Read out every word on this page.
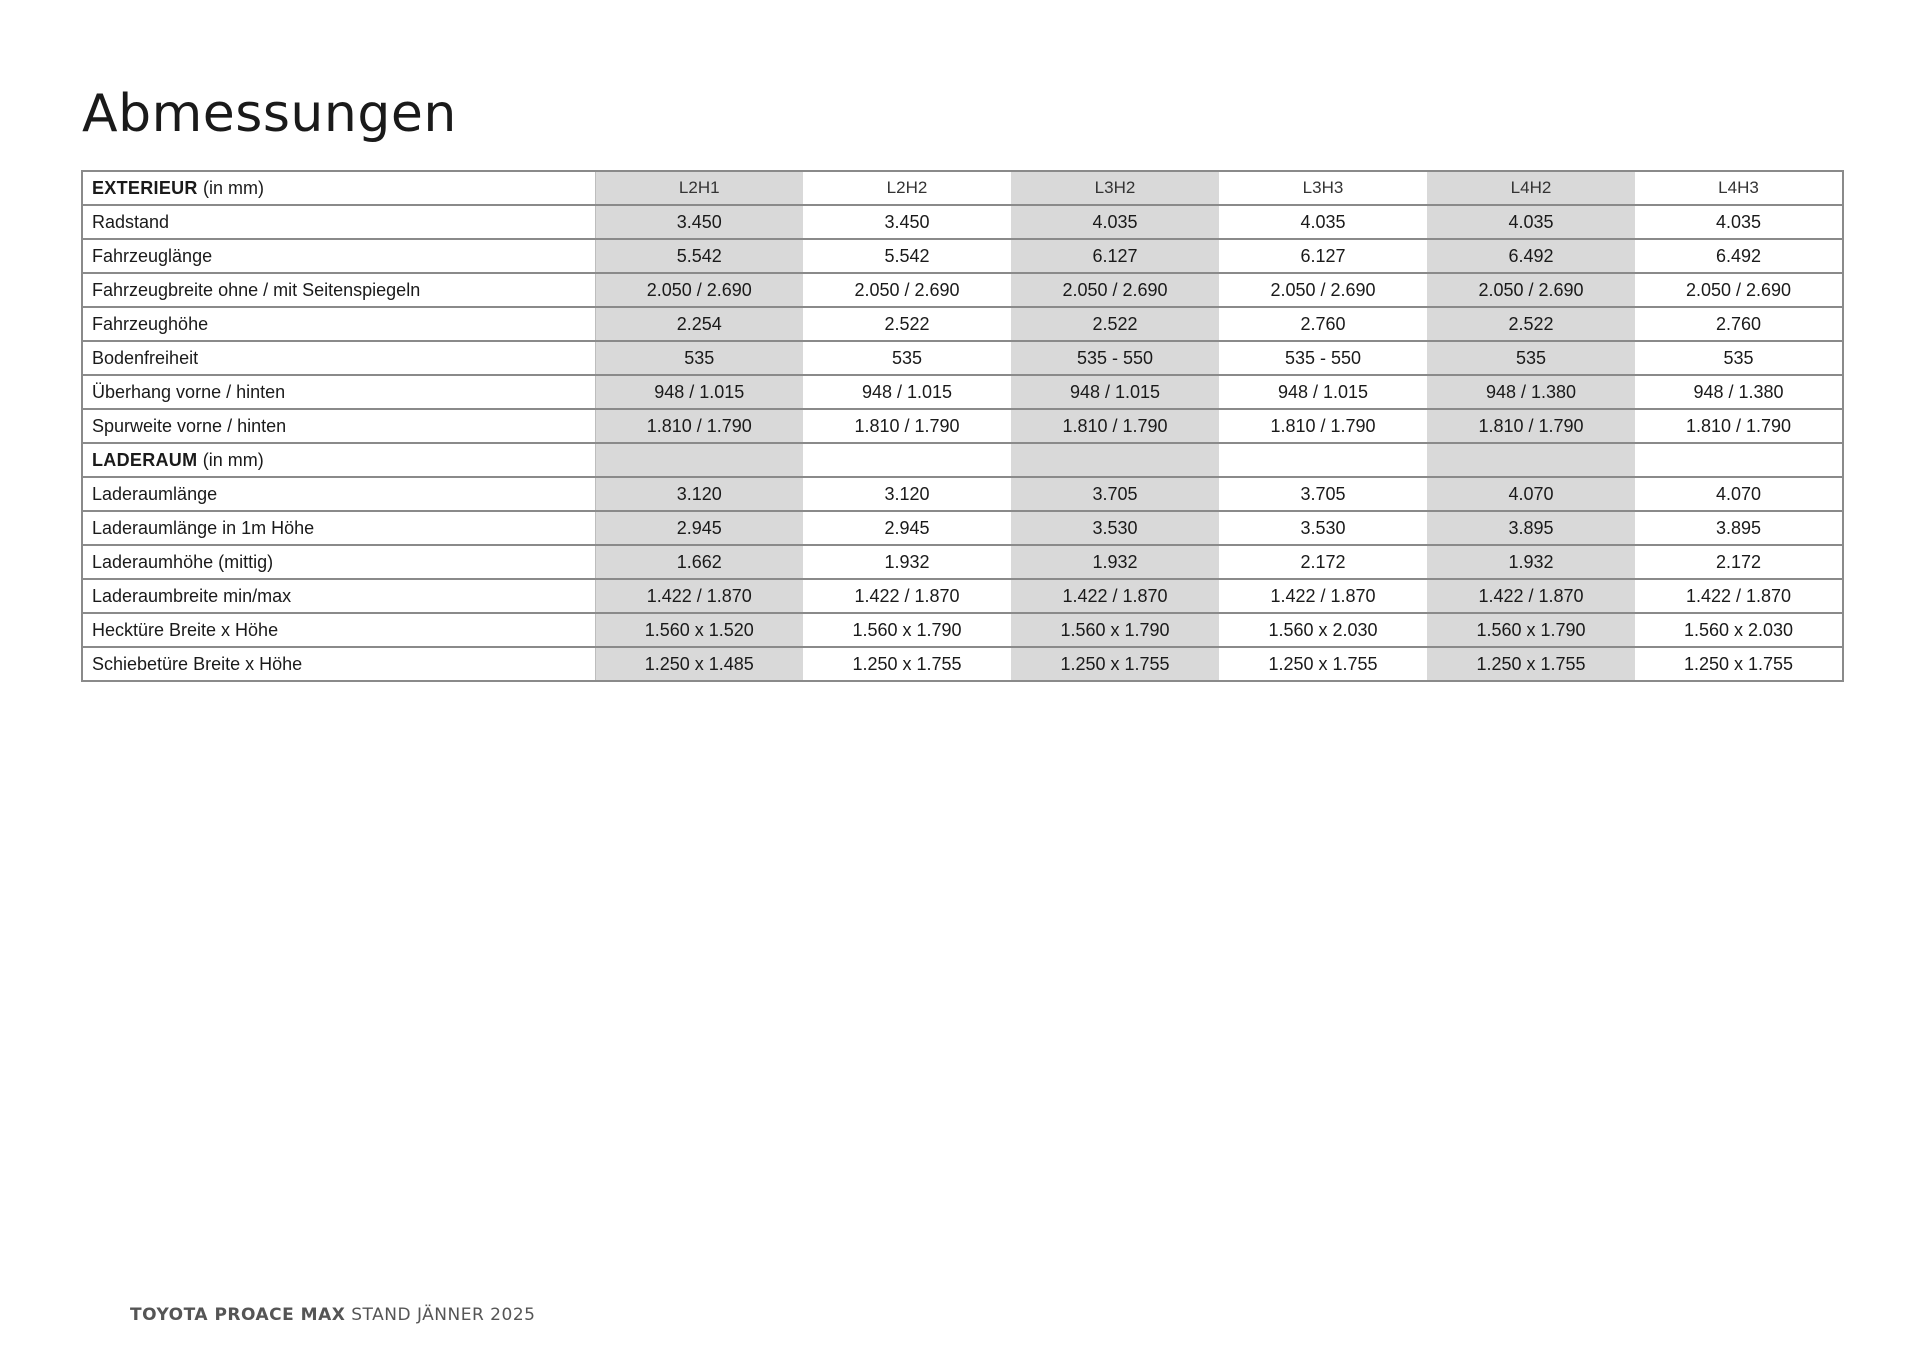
Abmessungen
EXTERIEUR (in mm)	L2H1	L2H2	L3H2	L3H3	L4H2	L4H3
Radstand	3.450	3.450	4.035	4.035	4.035	4.035
Fahrzeuglänge	5.542	5.542	6.127	6.127	6.492	6.492
Fahrzeugbreite ohne / mit Seitenspiegeln	2.050 / 2.690	2.050 / 2.690	2.050 / 2.690	2.050 / 2.690	2.050 / 2.690	2.050 / 2.690
Fahrzeughöhe	2.254	2.522	2.522	2.760	2.522	2.760
Bodenfreiheit	535	535	535 - 550	535 - 550	535	535
Überhang vorne / hinten	948 / 1.015	948 / 1.015	948 / 1.015	948 / 1.015	948 / 1.380	948 / 1.380
Spurweite vorne / hinten	1.810 / 1.790	1.810 / 1.790	1.810 / 1.790	1.810 / 1.790	1.810 / 1.790	1.810 / 1.790
LADERAUM (in mm)						
Laderaumlänge	3.120	3.120	3.705	3.705	4.070	4.070
Laderaumlänge in 1m Höhe	2.945	2.945	3.530	3.530	3.895	3.895
Laderaumhöhe (mittig)	1.662	1.932	1.932	2.172	1.932	2.172
Laderaumbreite min/max	1.422 / 1.870	1.422 / 1.870	1.422 / 1.870	1.422 / 1.870	1.422 / 1.870	1.422 / 1.870
Hecktüre Breite x Höhe	1.560 x 1.520	1.560 x 1.790	1.560 x 1.790	1.560 x 2.030	1.560 x 1.790	1.560 x 2.030
Schiebetüre Breite x Höhe	1.250 x 1.485	1.250 x 1.755	1.250 x 1.755	1.250 x 1.755	1.250 x 1.755	1.250 x 1.755
TOYOTA PROACE MAX STAND JÄNNER 2025
